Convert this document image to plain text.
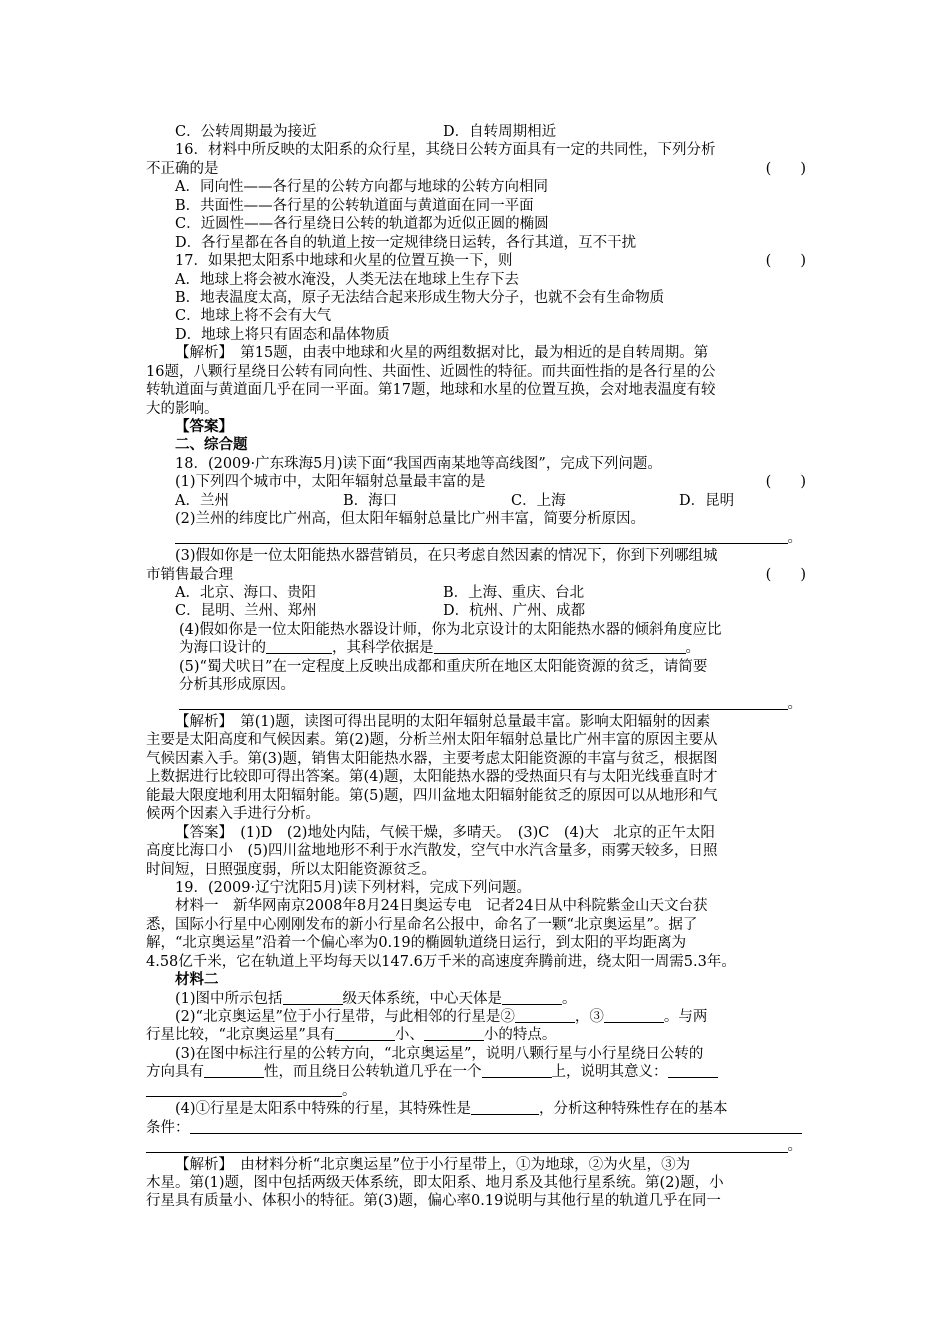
C．公转周期最为接近	D．自转周期相近
16．材料中所反映的太阳系的众行星，其绕日公转方面具有一定的共同性，下列分析
不正确的是	(　　)
A．同向性——各行星的公转方向都与地球的公转方向相同
B．共面性——各行星的公转轨道面与黄道面在同一平面
C．近圆性——各行星绕日公转的轨道都为近似正圆的椭圆
D．各行星都在各自的轨道上按一定规律绕日运转，各行其道，互不干扰
17．如果把太阳系中地球和火星的位置互换一下，则	(　　)
A．地球上将会被水淹没，人类无法在地球上生存下去
B．地表温度太高，原子无法结合起来形成生物大分子，也就不会有生命物质
C．地球上将不会有大气
D．地球上将只有固态和晶体物质
【解析】　第15题，由表中地球和火星的两组数据对比，最为相近的是自转周期。第
16题，八颗行星绕日公转有同向性、共面性、近圆性的特征。而共面性指的是各行星的公
转轨道面与黄道面几乎在同一平面。第17题，地球和水星的位置互换，会对地表温度有较
大的影响。
【答案】
二、综合题
18．(2009·广东珠海5月)读下面“我国西南某地等高线图”，完成下列问题。
(1)下列四个城市中，太阳年辐射总量最丰富的是	(　　)
A．兰州	B．海口	C．上海	D．昆明
(2)兰州的纬度比广州高，但太阳年辐射总量比广州丰富，简要分析原因。
。
(3)假如你是一位太阳能热水器营销员，在只考虑自然因素的情况下，你到下列哪组城
市销售最合理	(　　)
A．北京、海口、贵阳	B．上海、重庆、台北
C．昆明、兰州、郑州	D．杭州、广州、成都
(4)假如你是一位太阳能热水器设计师，你为北京设计的太阳能热水器的倾斜角度应比
为海口设计的	，其科学依据是	。
(5)“蜀犬吠日”在一定程度上反映出成都和重庆所在地区太阳能资源的贫乏，请简要
分析其形成原因。
。
【解析】　第(1)题，读图可得出昆明的太阳年辐射总量最丰富。影响太阳辐射的因素
主要是太阳高度和气候因素。第(2)题，分析兰州太阳年辐射总量比广州丰富的原因主要从
气候因素入手。第(3)题，销售太阳能热水器，主要考虑太阳能资源的丰富与贫乏，根据图
上数据进行比较即可得出答案。第(4)题，太阳能热水器的受热面只有与太阳光线垂直时才
能最大限度地利用太阳辐射能。第(5)题，四川盆地太阳辐射能贫乏的原因可以从地形和气
候两个因素入手进行分析。
【答案】　(1)D　(2)地处内陆，气候干燥，多晴天。　(3)C　(4)大　北京的正午太阳
高度比海口小　(5)四川盆地地形不利于水汽散发，空气中水汽含量多，雨雾天较多，日照
时间短，日照强度弱，所以太阳能资源贫乏。
19．(2009·辽宁沈阳5月)读下列材料，完成下列问题。
材料一　新华网南京2008年8月24日奥运专电　记者24日从中科院紫金山天文台获
悉，国际小行星中心刚刚发布的新小行星命名公报中，命名了一颗“北京奥运星”。据了
解，“北京奥运星”沿着一个偏心率为0.19的椭圆轨道绕日运行，到太阳的平均距离为
4.58亿千米，它在轨道上平均每天以147.6万千米的高速度奔腾前进，绕太阳一周需5.3年。
材料二
(1)图中所示包括	级天体系统，中心天体是	。
(2)“北京奥运星”位于小行星带，与此相邻的行星是②	，③	。与两
行星比较，“北京奥运星”具有	小、	小的特点。
(3)在图中标注行星的公转方向，“北京奥运星”，说明八颗行星与小行星绕日公转的
方向具有	性，而且绕日公转轨道几乎在一个	上，说明其意义：
。
(4)①行星是太阳系中特殊的行星，其特殊性是	，分析这种特殊性存在的基本
条件：
。
【解析】　由材料分析“北京奥运星”位于小行星带上，①为地球，②为火星，③为
木星。第(1)题，图中包括两级天体系统，即太阳系、地月系及其他行星系统。第(2)题，小
行星具有质量小、体积小的特征。第(3)题，偏心率0.19说明与其他行星的轨道几乎在同一
